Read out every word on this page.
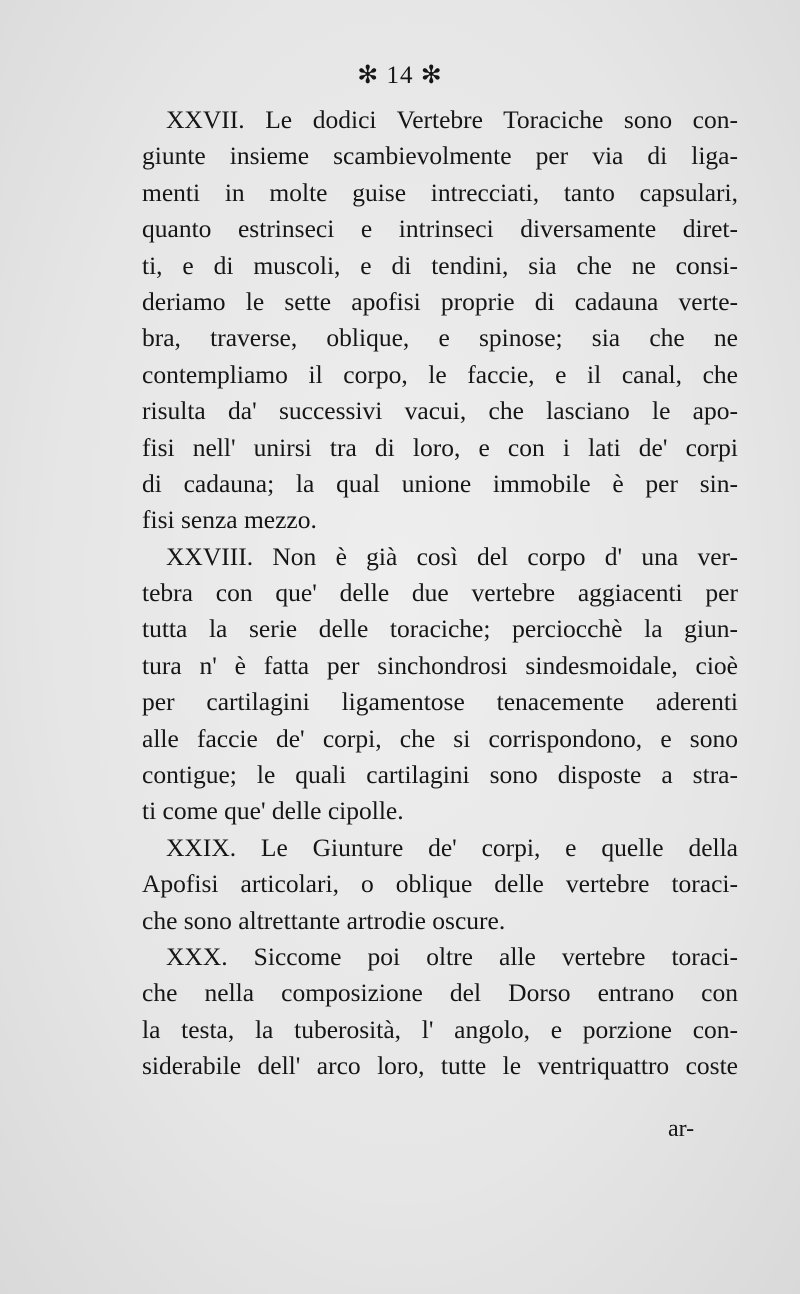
✻ 14 ✻
XXVII. Le dodici Vertebre Toraciche sono con-
giunte insieme scambievolmente per via di liga-
menti in molte guise intrecciati, tanto capsulari,
quanto estrinseci e intrinseci diversamente diret-
ti, e di muscoli, e di tendini, sia che ne consi-
deriamo le sette apofisi proprie di cadauna verte-
bra, traverse, oblique, e spinose; sia che ne
contempliamo il corpo, le faccie, e il canal, che
risulta da' successivi vacui, che lasciano le apo-
fisi nell' unirsi tra di loro, e con i lati de' corpi
di cadauna; la qual unione immobile è per sin-
fisi senza mezzo.
XXVIII. Non è già così del corpo d' una ver-
tebra con que' delle due vertebre aggiacenti per
tutta la serie delle toraciche; perciocchè la giun-
tura n' è fatta per sinchondrosi sindesmoidale, cioè
per cartilagini ligamentose tenacemente aderenti
alle faccie de' corpi, che si corrispondono, e sono
contigue; le quali cartilagini sono disposte a stra-
ti come que' delle cipolle.
XXIX. Le Giunture de' corpi, e quelle della
Apofisi articolari, o oblique delle vertebre toraci-
che sono altrettante artrodie oscure.
XXX. Siccome poi oltre alle vertebre toraci-
che nella composizione del Dorso entrano con
la testa, la tuberosità, l' angolo, e porzione con-
siderabile dell' arco loro, tutte le ventriquattro coste
ar-
